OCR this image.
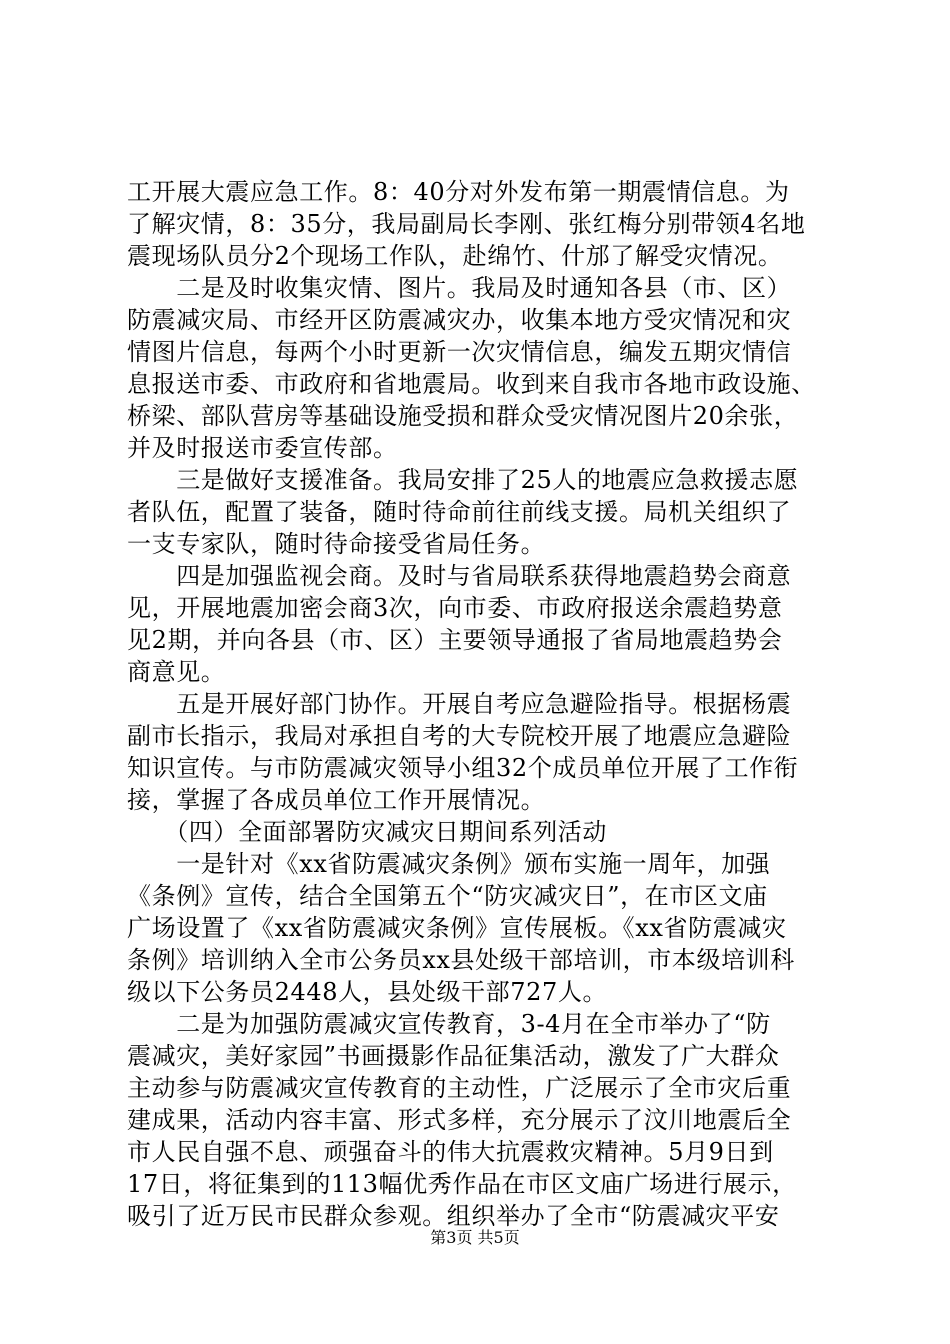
工开展大震应急工作。8：40分对外发布第一期震情信息。为
了解灾情，8：35分，我局副局长李刚、张红梅分别带领4名地
震现场队员分2个现场工作队，赴绵竹、什邡了解受灾情况。
　　二是及时收集灾情、图片。我局及时通知各县（市、区）
防震减灾局、市经开区防震减灾办，收集本地方受灾情况和灾
情图片信息，每两个小时更新一次灾情信息，编发五期灾情信
息报送市委、市政府和省地震局。收到来自我市各地市政设施、
桥梁、部队营房等基础设施受损和群众受灾情况图片20余张，
并及时报送市委宣传部。
　　三是做好支援准备。我局安排了25人的地震应急救援志愿
者队伍，配置了装备，随时待命前往前线支援。局机关组织了
一支专家队，随时待命接受省局任务。
　　四是加强监视会商。及时与省局联系获得地震趋势会商意
见，开展地震加密会商3次，向市委、市政府报送余震趋势意
见2期，并向各县（市、区）主要领导通报了省局地震趋势会
商意见。
　　五是开展好部门协作。开展自考应急避险指导。根据杨震
副市长指示，我局对承担自考的大专院校开展了地震应急避险
知识宣传。与市防震减灾领导小组32个成员单位开展了工作衔
接，掌握了各成员单位工作开展情况。
　　（四）全面部署防灾减灾日期间系列活动
　　一是针对《xx省防震减灾条例》颁布实施一周年，加强
《条例》宣传，结合全国第五个“防灾减灾日”，在市区文庙
广场设置了《xx省防震减灾条例》宣传展板。《xx省防震减灾
条例》培训纳入全市公务员xx县处级干部培训，市本级培训科
级以下公务员2448人，县处级干部727人。
　　二是为加强防震减灾宣传教育，3-4月在全市举办了“防
震减灾，美好家园”书画摄影作品征集活动，激发了广大群众
主动参与防震减灾宣传教育的主动性，广泛展示了全市灾后重
建成果，活动内容丰富、形式多样，充分展示了汶川地震后全
市人民自强不息、顽强奋斗的伟大抗震救灾精神。5月9日到
17日，将征集到的113幅优秀作品在市区文庙广场进行展示，
吸引了近万民市民群众参观。组织举办了全市“防震减灾平安
第3页 共5页
